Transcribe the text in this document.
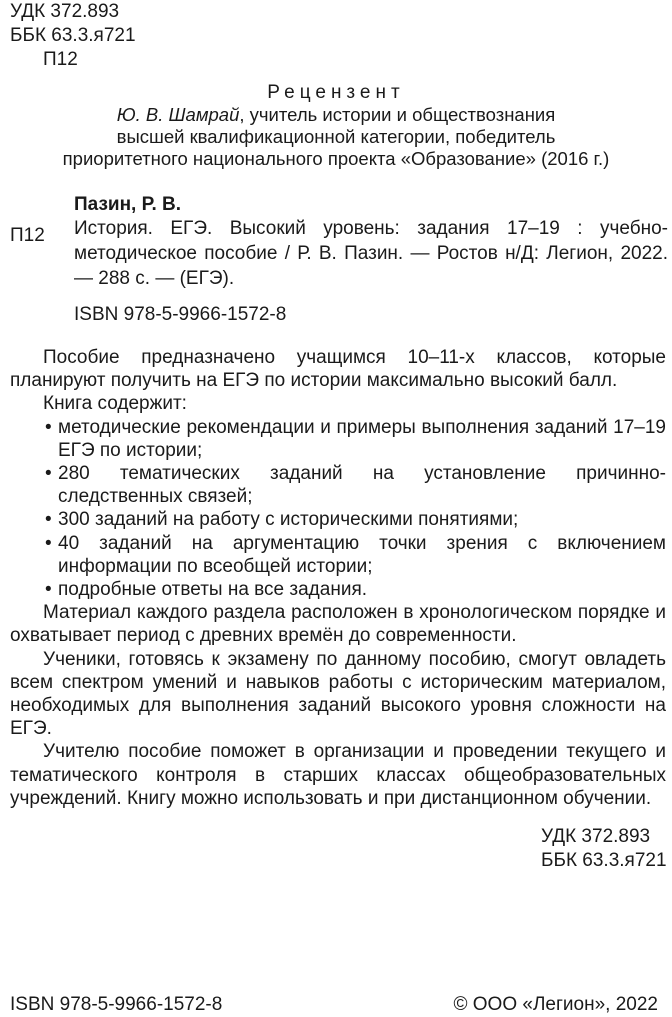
УДК 372.893
ББК 63.3.я721
П12
Рецензент
Ю. В. Шамрай, учитель истории и обществознания
высшей квалификационной категории, победитель
приоритетного национального проекта «Образование» (2016 г.)
Пазин, Р. В.
П12 История. ЕГЭ. Высокий уровень: задания 17–19 : учебно-методическое пособие / Р. В. Пазин. — Ростов н/Д: Легион, 2022. — 288 с. — (ЕГЭ).
ISBN 978-5-9966-1572-8

Пособие предназначено учащимся 10–11-х классов, которые планируют получить на ЕГЭ по истории максимально высокий балл.

Книга содержит:

• методические рекомендации и примеры выполнения заданий 17–19 ЕГЭ по истории;
• 280 тематических заданий на установление причинно-следственных связей;
• 300 заданий на работу с историческими понятиями;
• 40 заданий на аргументацию точки зрения с включением информации по всеобщей истории;
• подробные ответы на все задания.

Материал каждого раздела расположен в хронологическом порядке и охватывает период с древних времён до современности.

Ученики, готовясь к экзамену по данному пособию, смогут овладеть всем спектром умений и навыков работы с историческим материалом, необходимых для выполнения заданий высокого уровня сложности на ЕГЭ.

Учителю пособие поможет в организации и проведении текущего и тематического контроля в старших классах общеобразовательных учреждений. Книгу можно использовать и при дистанционном обучении.

УДК 372.893
ББК 63.3.я721
ISBN 978-5-9966-1572-8	© ООО «Легион», 2022
